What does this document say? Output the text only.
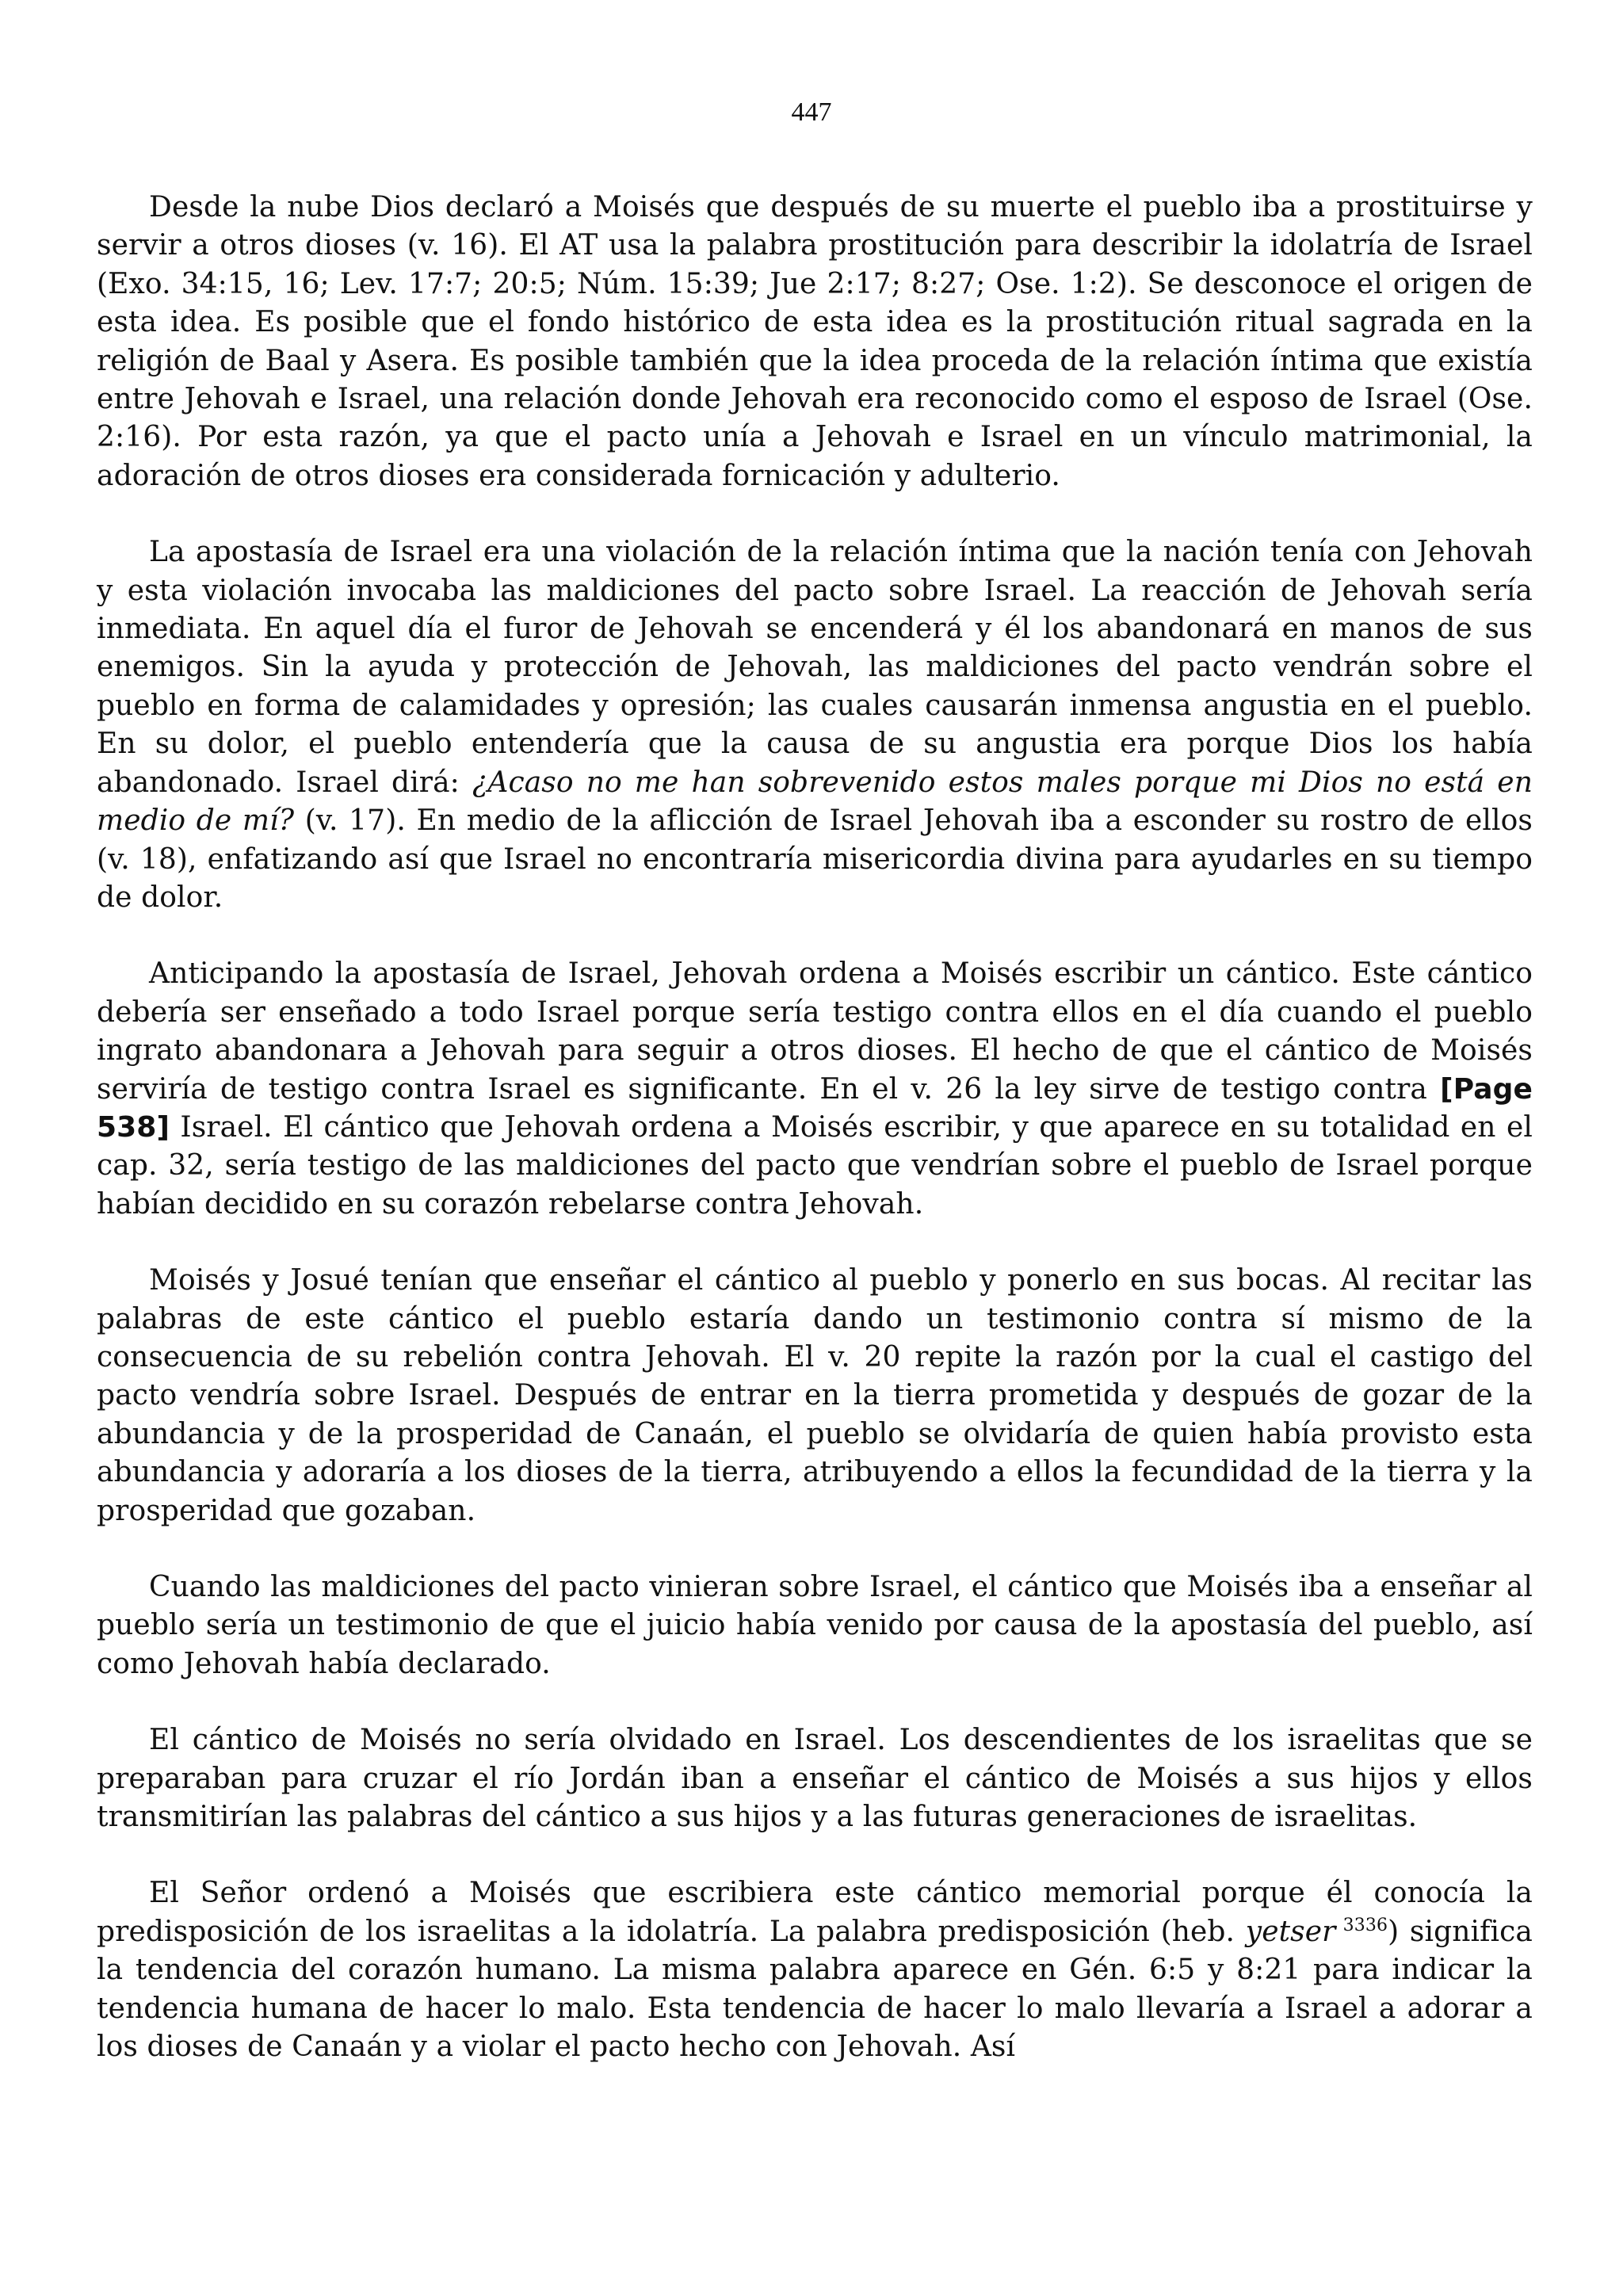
447

Desde la nube Dios declaró a Moisés que después de su muerte el pueblo iba a prostituirse y servir a otros dioses (v. 16). El AT usa la palabra prostitución para describir la idolatría de Israel (Exo. 34:15, 16; Lev. 17:7; 20:5; Núm. 15:39; Jue 2:17; 8:27; Ose. 1:2). Se desconoce el origen de esta idea. Es posible que el fondo histórico de esta idea es la prostitución ritual sagrada en la religión de Baal y Asera. Es posible también que la idea proceda de la relación íntima que existía entre Jehovah e Israel, una relación donde Jehovah era reconocido como el esposo de Israel (Ose. 2:16). Por esta razón, ya que el pacto unía a Jehovah e Israel en un vínculo matrimonial, la adoración de otros dioses era considerada fornicación y adulterio.

La apostasía de Israel era una violación de la relación íntima que la nación tenía con Jehovah y esta violación invocaba las maldiciones del pacto sobre Israel. La reacción de Jehovah sería inmediata. En aquel día el furor de Jehovah se encenderá y él los abandonará en manos de sus enemigos. Sin la ayuda y protección de Jehovah, las maldiciones del pacto vendrán sobre el pueblo en forma de calamidades y opresión; las cuales causarán inmensa angustia en el pueblo. En su dolor, el pueblo entendería que la causa de su angustia era porque Dios los había abandonado. Israel dirá: ¿Acaso no me han sobrevenido estos males porque mi Dios no está en medio de mí? (v. 17). En medio de la aflicción de Israel Jehovah iba a esconder su rostro de ellos (v. 18), enfatizando así que Israel no encontraría misericordia divina para ayudarles en su tiempo de dolor.

Anticipando la apostasía de Israel, Jehovah ordena a Moisés escribir un cántico. Este cántico debería ser enseñado a todo Israel porque sería testigo contra ellos en el día cuando el pueblo ingrato abandonara a Jehovah para seguir a otros dioses. El hecho de que el cántico de Moisés serviría de testigo contra Israel es significante. En el v. 26 la ley sirve de testigo contra [Page 538] Israel. El cántico que Jehovah ordena a Moisés escribir, y que aparece en su totalidad en el cap. 32, sería testigo de las maldiciones del pacto que vendrían sobre el pueblo de Israel porque habían decidido en su corazón rebelarse contra Jehovah.

Moisés y Josué tenían que enseñar el cántico al pueblo y ponerlo en sus bocas. Al recitar las palabras de este cántico el pueblo estaría dando un testimonio contra sí mismo de la consecuencia de su rebelión contra Jehovah. El v. 20 repite la razón por la cual el castigo del pacto vendría sobre Israel. Después de entrar en la tierra prometida y después de gozar de la abundancia y de la prosperidad de Canaán, el pueblo se olvidaría de quien había provisto esta abundancia y adoraría a los dioses de la tierra, atribuyendo a ellos la fecundidad de la tierra y la prosperidad que gozaban.

Cuando las maldiciones del pacto vinieran sobre Israel, el cántico que Moisés iba a enseñar al pueblo sería un testimonio de que el juicio había venido por causa de la apostasía del pueblo, así como Jehovah había declarado.

El cántico de Moisés no sería olvidado en Israel. Los descendientes de los israelitas que se preparaban para cruzar el río Jordán iban a enseñar el cántico de Moisés a sus hijos y ellos transmitirían las palabras del cántico a sus hijos y a las futuras generaciones de israelitas.

El Señor ordenó a Moisés que escribiera este cántico memorial porque él conocía la predisposición de los israelitas a la idolatría. La palabra predisposición (heb. yetser $^{3336}$) significa la tendencia del corazón humano. La misma palabra aparece en Gén. 6:5 y 8:21 para indicar la tendencia humana de hacer lo malo. Esta tendencia de hacer lo malo llevaría a Israel a adorar a los dioses de Canaán y a violar el pacto hecho con Jehovah. Así
